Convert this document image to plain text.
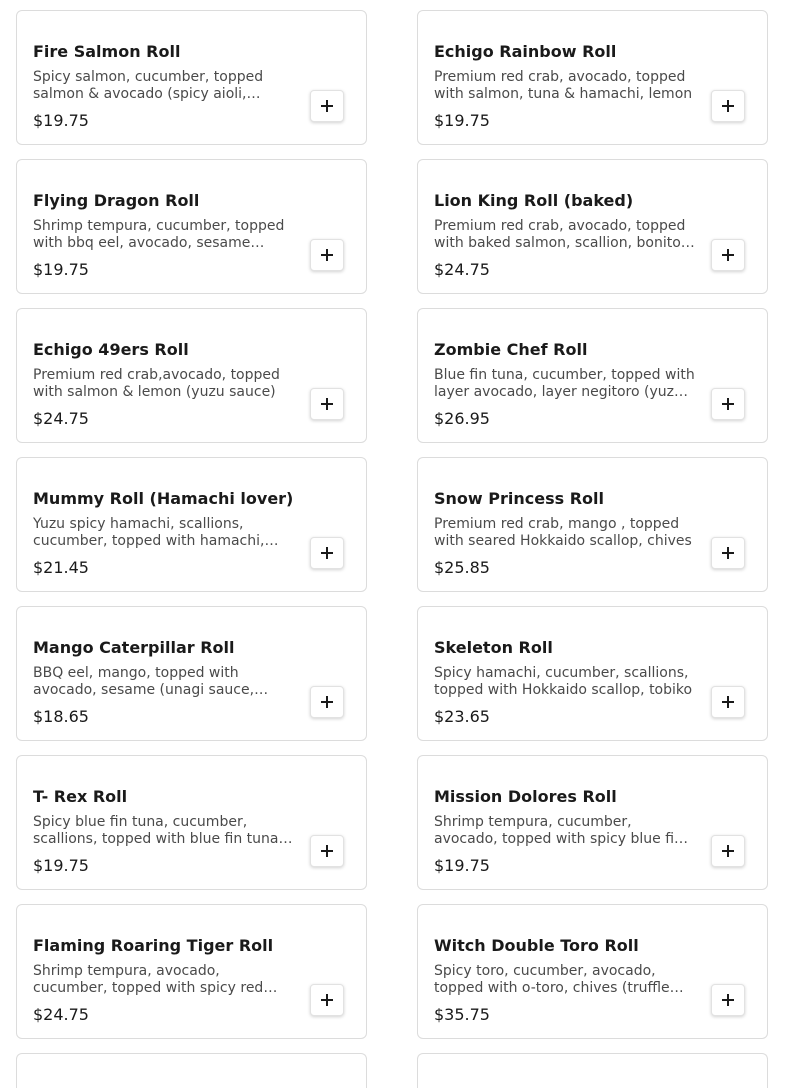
Fire Salmon Roll
Spicy salmon, cucumber, topped salmon & avocado (spicy aioli,
$19.75
Echigo Rainbow Roll
Premium red crab, avocado, topped with salmon, tuna & hamachi, lemon
$19.75
Flying Dragon Roll
Shrimp tempura, cucumber, topped with bbq eel, avocado, sesame
$19.75
Lion King Roll (baked)
Premium red crab, avocado, topped with baked salmon, scallion, bonito
$24.75
Echigo 49ers Roll
Premium red crab,avocado, topped with salmon & lemon (yuzu sauce)
$24.75
Zombie Chef Roll
Blue fin tuna, cucumber, topped with layer avocado, layer negitoro (yuzu
$26.95
Mummy Roll (Hamachi lover)
Yuzu spicy hamachi, scallions, cucumber, topped with hamachi,
$21.45
Snow Princess Roll
Premium red crab, mango , topped with seared Hokkaido scallop, chives
$25.85
Mango Caterpillar Roll
BBQ eel, mango, topped with avocado, sesame (unagi sauce,
$18.65
Skeleton Roll
Spicy hamachi, cucumber, scallions, topped with Hokkaido scallop, tobiko
$23.65
T- Rex Roll
Spicy blue fin tuna, cucumber, scallions, topped with blue fin tuna,
$19.75
Mission Dolores Roll
Shrimp tempura, cucumber, avocado, topped with spicy blue fin
$19.75
Flaming Roaring Tiger Roll
Shrimp tempura, avocado, cucumber, topped with spicy red
$24.75
Witch Double Toro Roll
Spicy toro, cucumber, avocado, topped with o-toro, chives (truffle
$35.75
